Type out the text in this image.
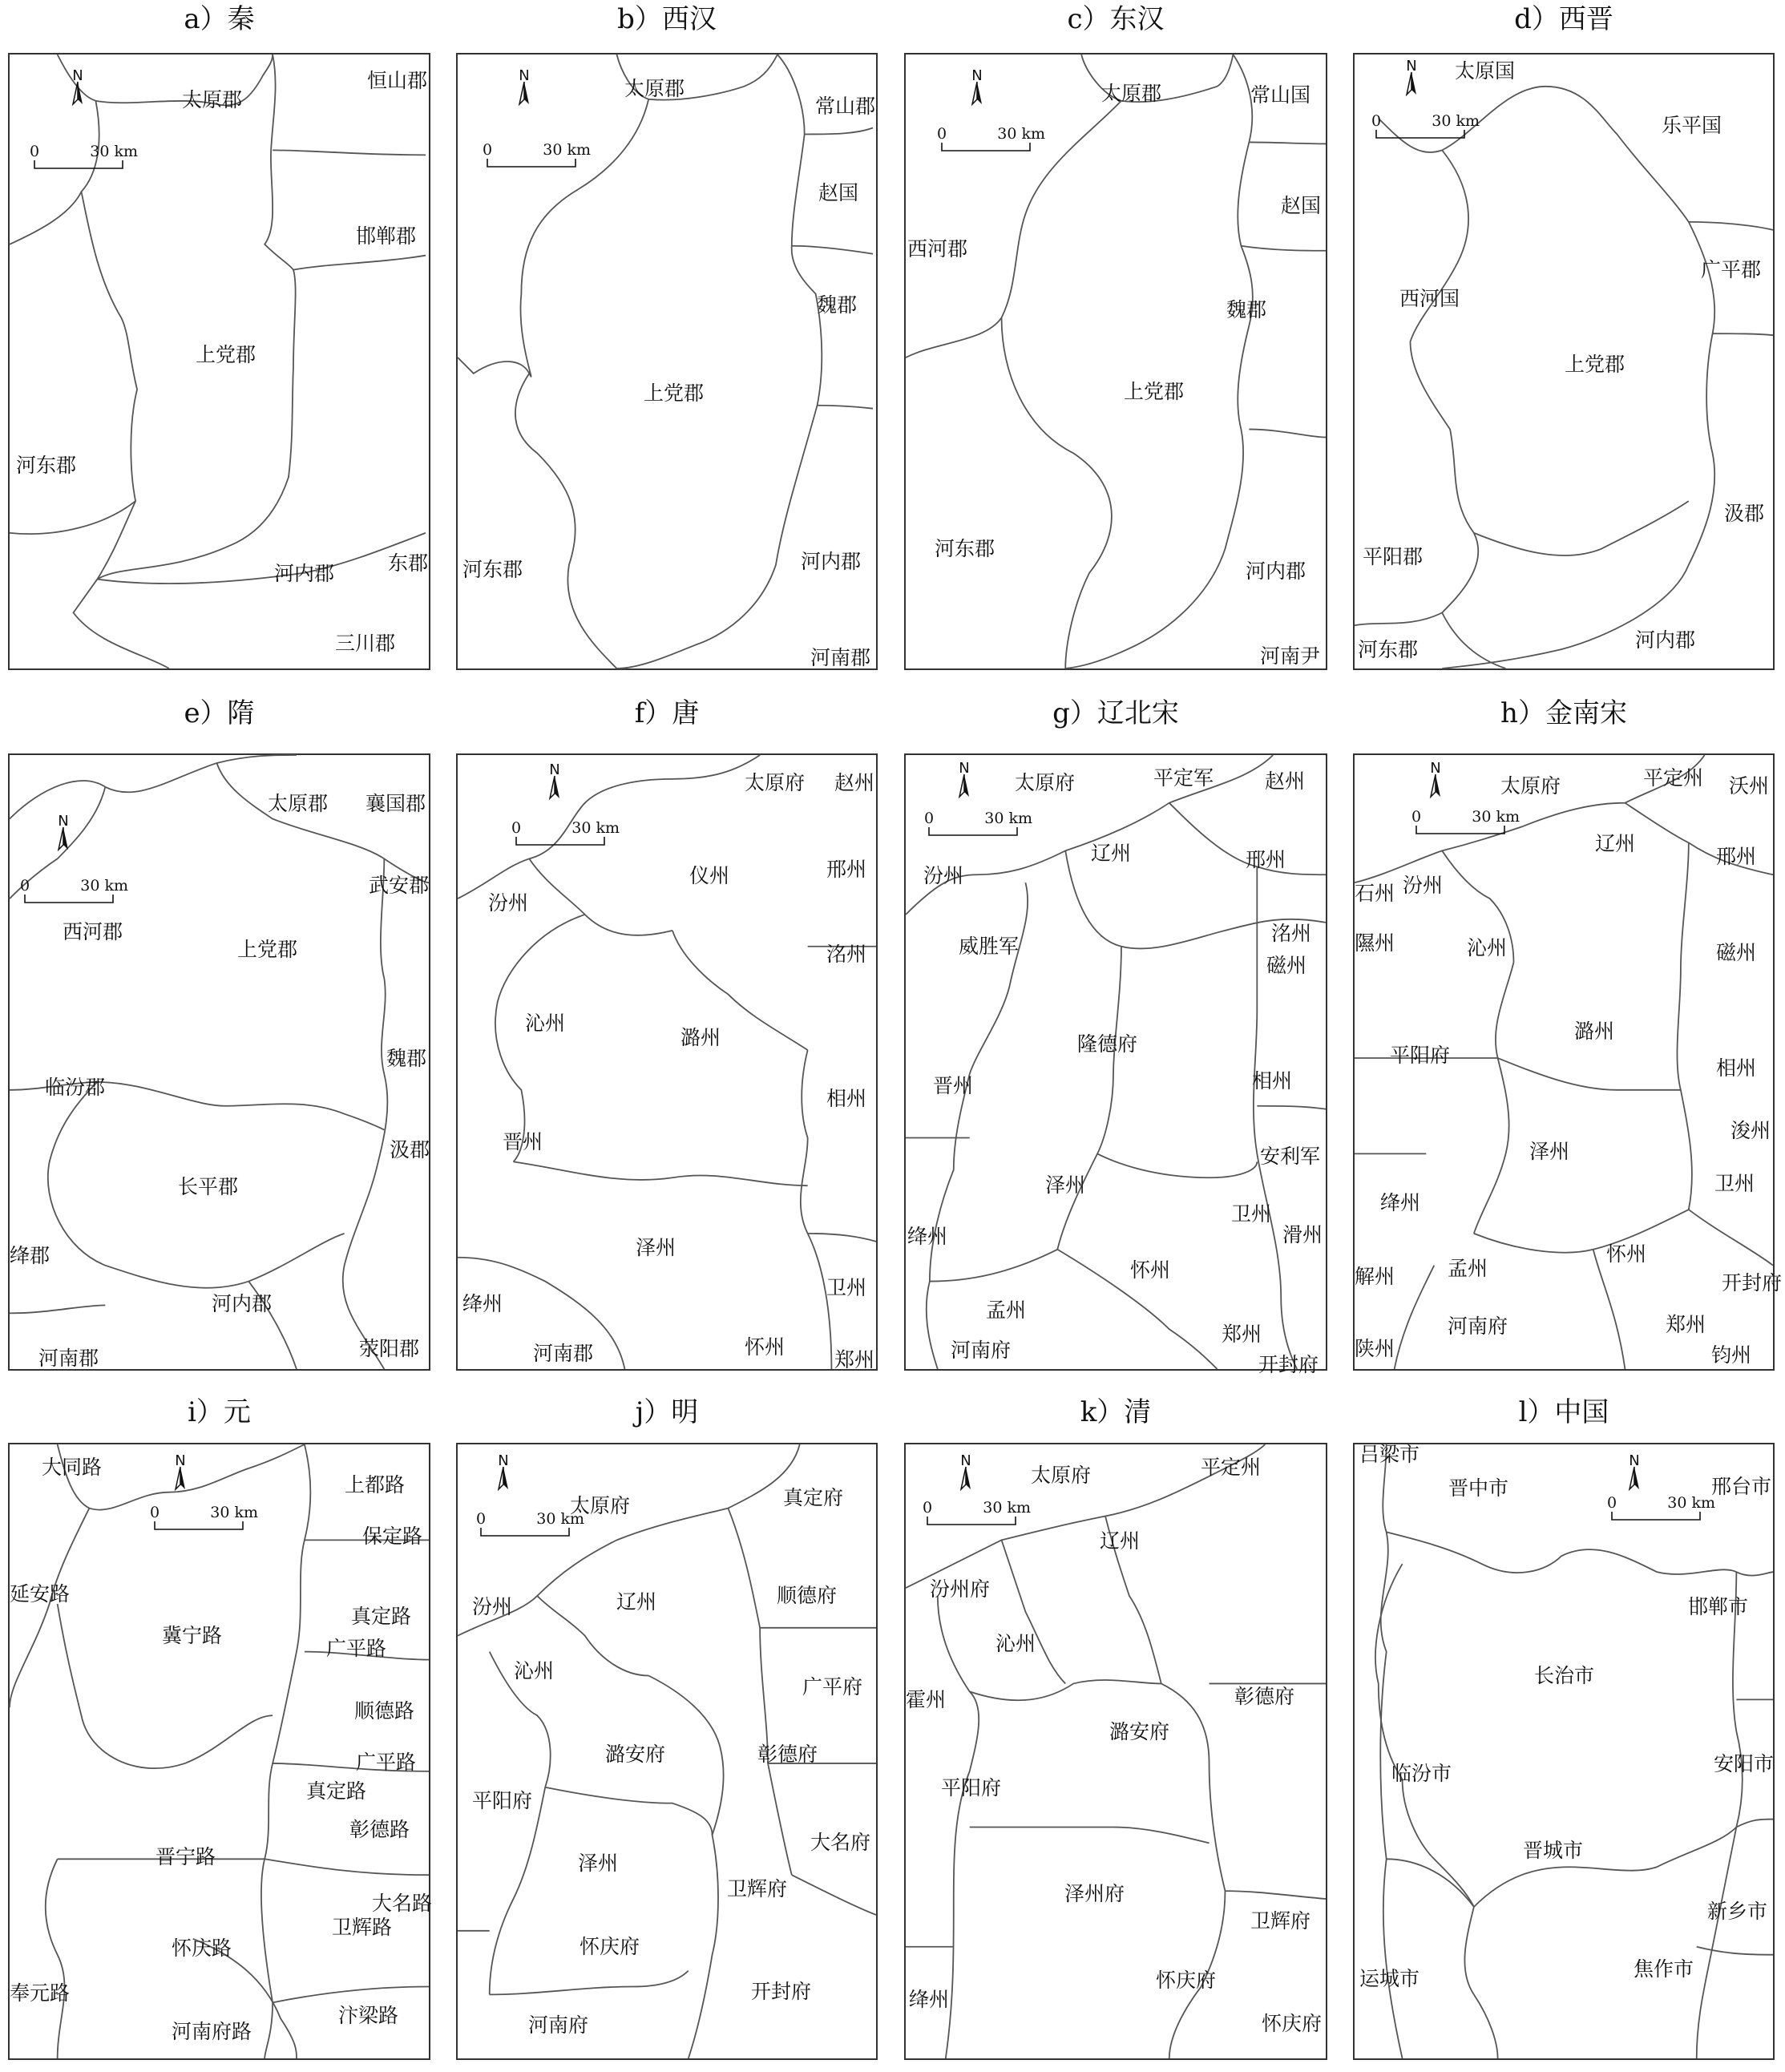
a）秦
N
0	30 km
太原郡
恒山郡
邯郸郡
上党郡
河东郡
河内郡	东郡
三川郡
b）西汉
N
0	30 km
太原郡
常山郡
赵国
魏郡
上党郡
河东郡	河内郡
河南郡
c）东汉
N
0	30 km
太原郡	常山国
赵国
西河郡
魏郡
上党郡
河东郡
河内郡
河南尹
d）西晋
N
0	30 km
太原国
乐平国
广平郡
西河国
上党郡
汲郡
平阳郡
河东郡	河内郡
e）隋
N
0	30 km
太原郡 襄国郡
武安郡
西河郡
上党郡
魏郡
临汾郡
汲郡
长平郡
绛郡
河内郡
河南郡	荥阳郡
f）唐
N
0	30 km
太原府 赵州
仪州	邢州
汾州
沁州
潞州
洺州
相州
晋州
泽州
卫州
绛州
河南郡	怀州
郑州
g）辽北宋
N
0	30 km
太原府	平定军	赵州
辽州	邢州
汾州
洺州
威胜军
磁州
隆德府
晋州	相州
安利军
泽州
卫州
绛州	滑州
怀州
孟州
河南府
郑州
开封府
h）金南宋
N
0	30 km
太原府	平定州 沃州
辽州
邢州
石州 汾州
隰州	沁州	磁州
潞州
平阳府
相州
浚州
泽州
卫州
绛州
解州	孟州
怀州
开封府
河南府	郑州
陕州	钧州
i）元
N
0	30 km
大同路
上都路
保定路
延安路
冀宁路
真定路
广平路
顺德路
广平路
真定路
彰德路
晋宁路
大名路
卫辉路
怀庆路
奉元路
汴梁路
河南府路
j）明
N
0	30 km
太原府	真定府
汾州	辽州	顺德府
沁州
广平府
潞安府	彰德府
平阳府
大名府
泽州
卫辉府
怀庆府
开封府
河南府
k）清
N
0	30 km
太原府	平定州
辽州
汾州府
沁州
彰德府
霍州
潞安府
平阳府
泽州府
卫辉府
绛州
怀庆府
怀庆府
l）中国
N
0	30 km
吕梁市
晋中市	邢台市
邯郸市
长治市
安阳市
临汾市
晋城市
新乡市
运城市	焦作市
